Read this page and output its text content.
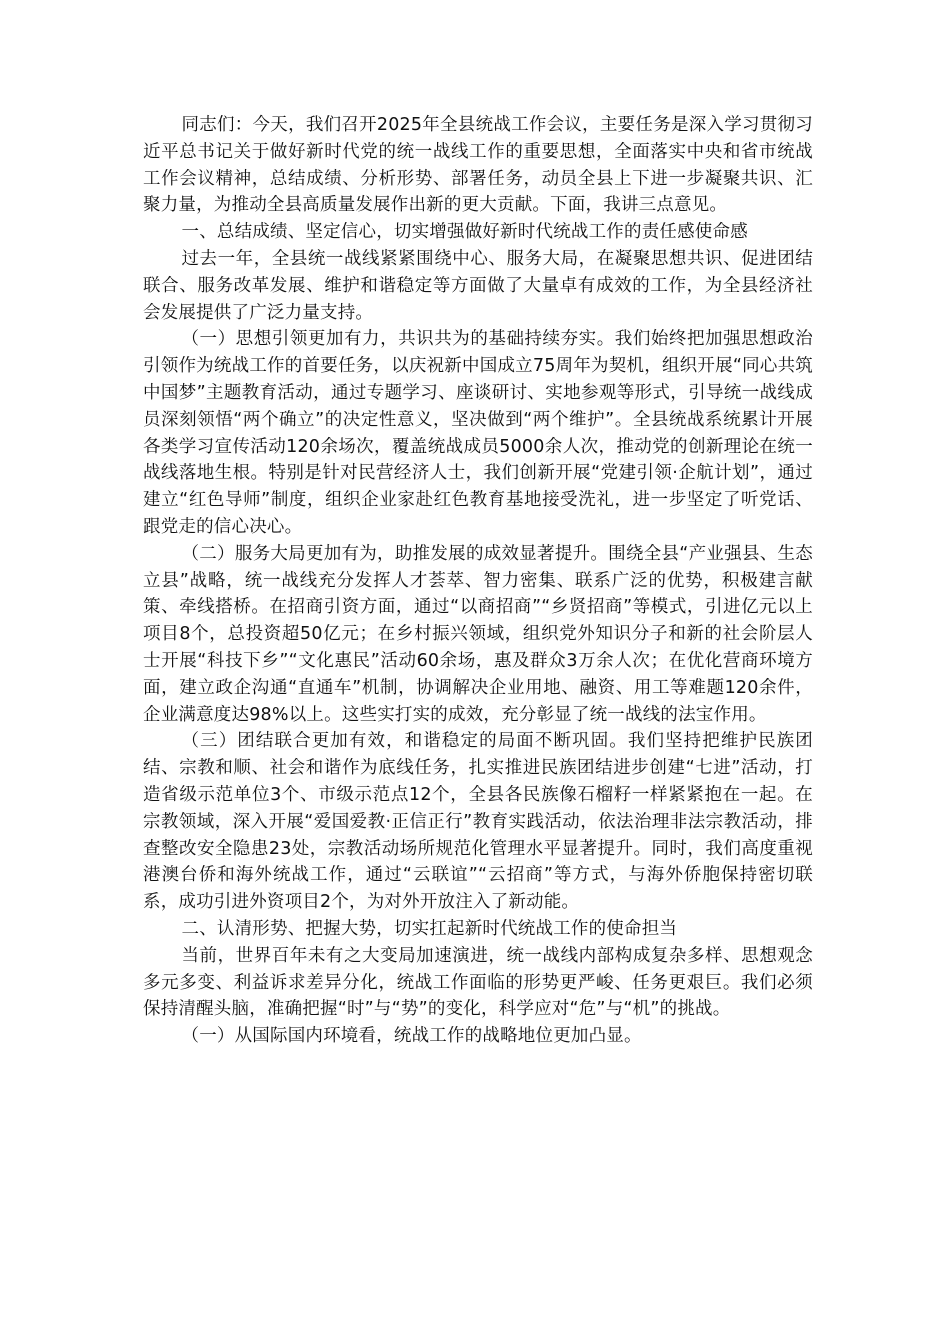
同志们：今天，我们召开2025年全县统战工作会议，主要任务是深入学习贯彻习近平总书记关于做好新时代党的统一战线工作的重要思想，全面落实中央和省市统战工作会议精神，总结成绩、分析形势、部署任务，动员全县上下进一步凝聚共识、汇聚力量，为推动全县高质量发展作出新的更大贡献。下面，我讲三点意见。

一、总结成绩、坚定信心，切实增强做好新时代统战工作的责任感使命感

过去一年，全县统一战线紧紧围绕中心、服务大局，在凝聚思想共识、促进团结联合、服务改革发展、维护和谐稳定等方面做了大量卓有成效的工作，为全县经济社会发展提供了广泛力量支持。

（一）思想引领更加有力，共识共为的基础持续夯实。我们始终把加强思想政治引领作为统战工作的首要任务，以庆祝新中国成立75周年为契机，组织开展“同心共筑中国梦”主题教育活动，通过专题学习、座谈研讨、实地参观等形式，引导统一战线成员深刻领悟“两个确立”的决定性意义，坚决做到“两个维护”。全县统战系统累计开展各类学习宣传活动120余场次，覆盖统战成员5000余人次，推动党的创新理论在统一战线落地生根。特别是针对民营经济人士，我们创新开展“党建引领·企航计划”，通过建立“红色导师”制度，组织企业家赴红色教育基地接受洗礼，进一步坚定了听党话、跟党走的信心决心。

（二）服务大局更加有为，助推发展的成效显著提升。围绕全县“产业强县、生态立县”战略，统一战线充分发挥人才荟萃、智力密集、联系广泛的优势，积极建言献策、牵线搭桥。在招商引资方面，通过“以商招商”“乡贤招商”等模式，引进亿元以上项目8个，总投资超50亿元；在乡村振兴领域，组织党外知识分子和新的社会阶层人士开展“科技下乡”“文化惠民”活动60余场，惠及群众3万余人次；在优化营商环境方面，建立政企沟通“直通车”机制，协调解决企业用地、融资、用工等难题120余件，企业满意度达98%以上。这些实打实的成效，充分彰显了统一战线的法宝作用。

（三）团结联合更加有效，和谐稳定的局面不断巩固。我们坚持把维护民族团结、宗教和顺、社会和谐作为底线任务，扎实推进民族团结进步创建“七进”活动，打造省级示范单位3个、市级示范点12个，全县各民族像石榴籽一样紧紧抱在一起。在宗教领域，深入开展“爱国爱教·正信正行”教育实践活动，依法治理非法宗教活动，排查整改安全隐患23处，宗教活动场所规范化管理水平显著提升。同时，我们高度重视港澳台侨和海外统战工作，通过“云联谊”“云招商”等方式，与海外侨胞保持密切联系，成功引进外资项目2个，为对外开放注入了新动能。

二、认清形势、把握大势，切实扛起新时代统战工作的使命担当

当前，世界百年未有之大变局加速演进，统一战线内部构成复杂多样、思想观念多元多变、利益诉求差异分化，统战工作面临的形势更严峻、任务更艰巨。我们必须保持清醒头脑，准确把握“时”与“势”的变化，科学应对“危”与“机”的挑战。

（一）从国际国内环境看，统战工作的战略地位更加凸显。
